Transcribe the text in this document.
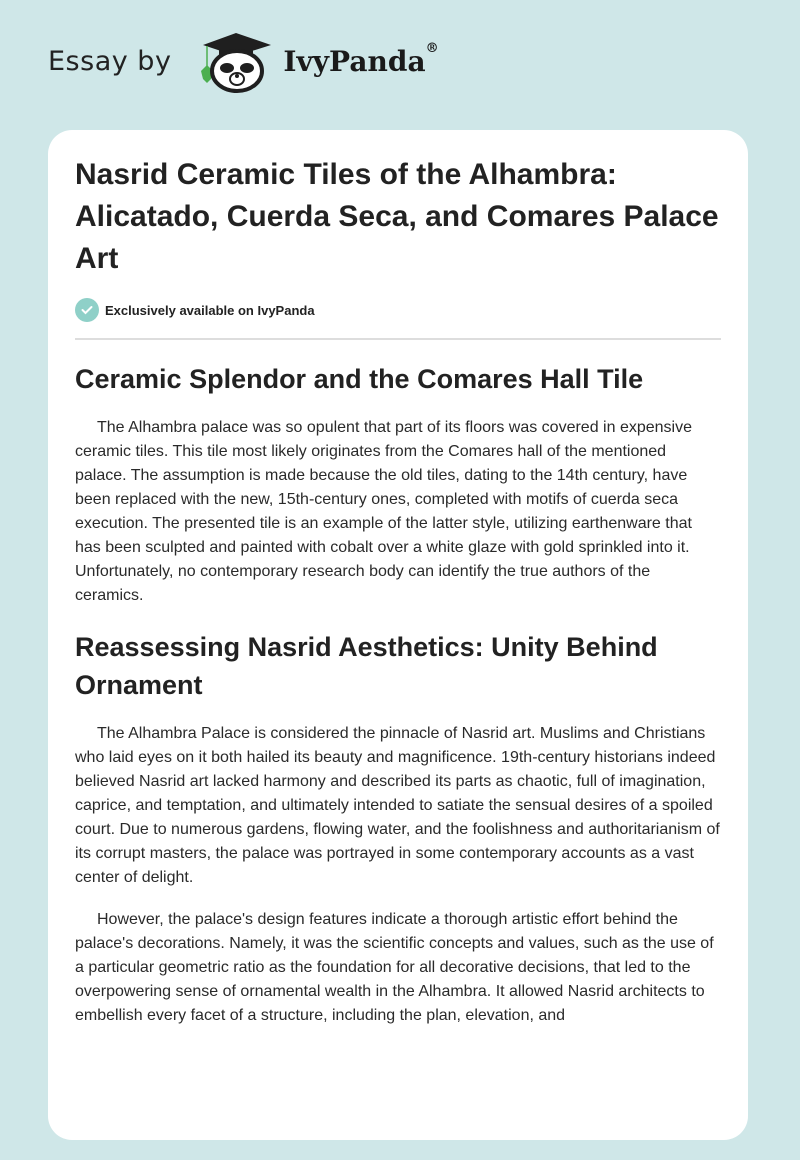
Essay by	IvyPanda®
Nasrid Ceramic Tiles of the Alhambra: Alicatado, Cuerda Seca, and Comares Palace Art
Exclusively available on IvyPanda
Ceramic Splendor and the Comares Hall Tile

The Alhambra palace was so opulent that part of its floors was covered in expensive ceramic tiles. This tile most likely originates from the Comares hall of the mentioned palace. The assumption is made because the old tiles, dating to the 14th century, have been replaced with the new, 15th-century ones, completed with motifs of cuerda seca execution. The presented tile is an example of the latter style, utilizing earthenware that has been sculpted and painted with cobalt over a white glaze with gold sprinkled into it. Unfortunately, no contemporary research body can identify the true authors of the ceramics.

Reassessing Nasrid Aesthetics: Unity Behind Ornament

The Alhambra Palace is considered the pinnacle of Nasrid art. Muslims and Christians who laid eyes on it both hailed its beauty and magnificence. 19th-century historians indeed believed Nasrid art lacked harmony and described its parts as chaotic, full of imagination, caprice, and temptation, and ultimately intended to satiate the sensual desires of a spoiled court. Due to numerous gardens, flowing water, and the foolishness and authoritarianism of its corrupt masters, the palace was portrayed in some contemporary accounts as a vast center of delight.

However, the palace's design features indicate a thorough artistic effort behind the palace's decorations. Namely, it was the scientific concepts and values, such as the use of a particular geometric ratio as the foundation for all decorative decisions, that led to the overpowering sense of ornamental wealth in the Alhambra. It allowed Nasrid architects to embellish every facet of a structure, including the plan, elevation, and
